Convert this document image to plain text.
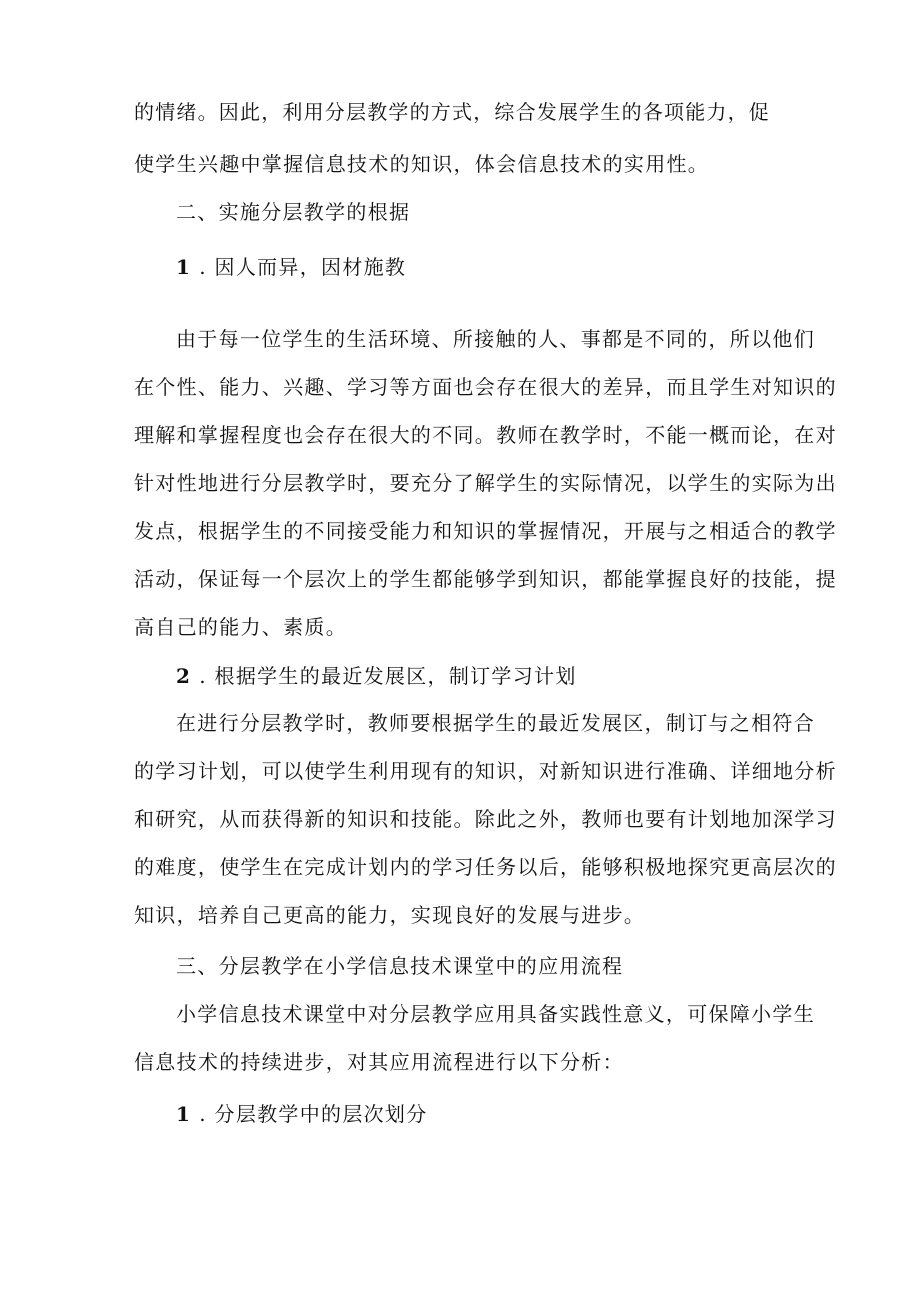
的情绪。因此，利用分层教学的方式，综合发展学生的各项能力，促
使学生兴趣中掌握信息技术的知识，体会信息技术的实用性。
二、实施分层教学的根据
1 . 因人而异，因材施教
由于每一位学生的生活环境、所接触的人、事都是不同的，所以他们
在个性、能力、兴趣、学习等方面也会存在很大的差异，而且学生对知识的
理解和掌握程度也会存在很大的不同。教师在教学时，不能一概而论，在对
针对性地进行分层教学时，要充分了解学生的实际情况，以学生的实际为出
发点，根据学生的不同接受能力和知识的掌握情况，开展与之相适合的教学
活动，保证每一个层次上的学生都能够学到知识，都能掌握良好的技能，提
高自己的能力、素质。
2 . 根据学生的最近发展区，制订学习计划
在进行分层教学时，教师要根据学生的最近发展区，制订与之相符合
的学习计划，可以使学生利用现有的知识，对新知识进行准确、详细地分析
和研究，从而获得新的知识和技能。除此之外，教师也要有计划地加深学习
的难度，使学生在完成计划内的学习任务以后，能够积极地探究更高层次的
知识，培养自己更高的能力，实现良好的发展与进步。
三、分层教学在小学信息技术课堂中的应用流程
小学信息技术课堂中对分层教学应用具备实践性意义，可保障小学生
信息技术的持续进步，对其应用流程进行以下分析：
1 . 分层教学中的层次划分
